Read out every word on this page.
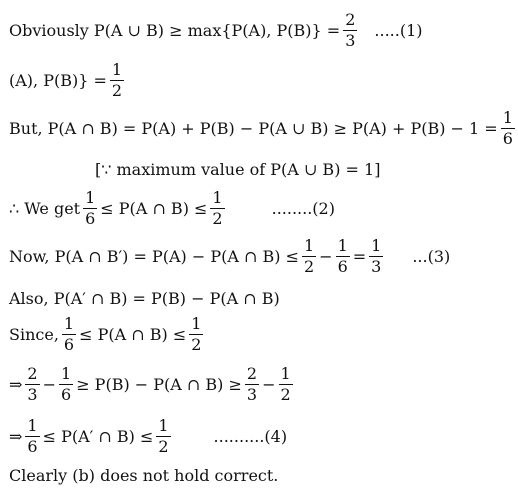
Obviously P(A ∪ B) ≥ max{P(A), $P(B)\} = \frac{2}{3} .....(1)$
(A), $P(B)\} = \frac{1}{2}$
But, P(A ∩ B) = P(A) + P(B) − P(A ∪ $B) \ge P(A) + P(B) - 1 = \frac{1}{6}$
[∵ maximum value of P(A ∪ B) = 1]
∴ We get $\frac{1}{6} \le P(A$ ∩ $B) \le \frac{1}{2}$	........(2)
Now, P(A ∩ B′) = P(A) − P(A ∩ $B) \le \frac{1}{2} - \frac{1}{6} = \frac{1}{3} ...(3)$
Also, P(A′ ∩ B) = P(B) − P(A ∩ B)
Since, $\frac{1}{6} \le P(A$ ∩ $B) \le \frac{1}{2}$
⇒ $\frac{2}{3} - \frac{1}{6} \ge P(B) - P(A$ ∩ $B) \ge \frac{2}{3} - \frac{1}{2}$
⇒ $\frac{1}{6} \le P(A'$ ∩ $B) \le \frac{1}{2}$	..........(4)
Clearly (b) does not hold correct.
